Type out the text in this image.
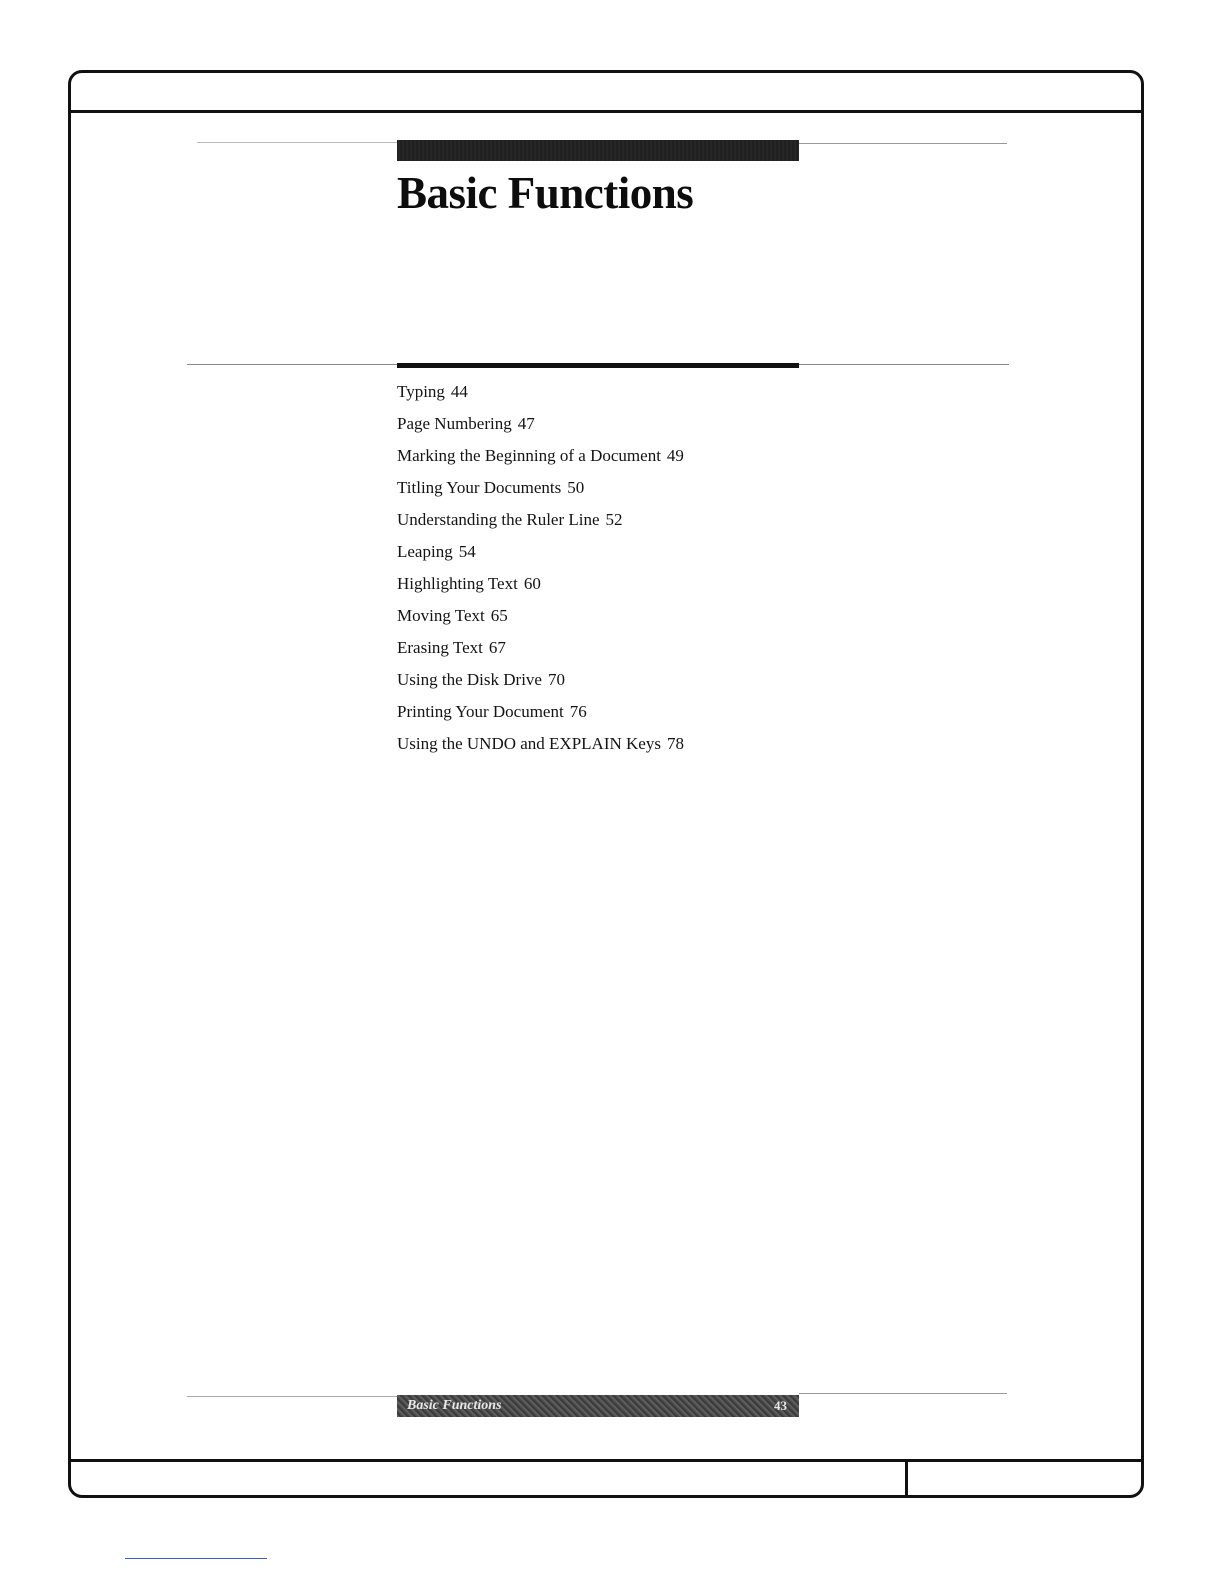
Basic Functions
Typing 44
Page Numbering 47
Marking the Beginning of a Document 49
Titling Your Documents 50
Understanding the Ruler Line 52
Leaping 54
Highlighting Text 60
Moving Text 65
Erasing Text 67
Using the Disk Drive 70
Printing Your Document 76
Using the UNDO and EXPLAIN Keys 78
Basic Functions	43
